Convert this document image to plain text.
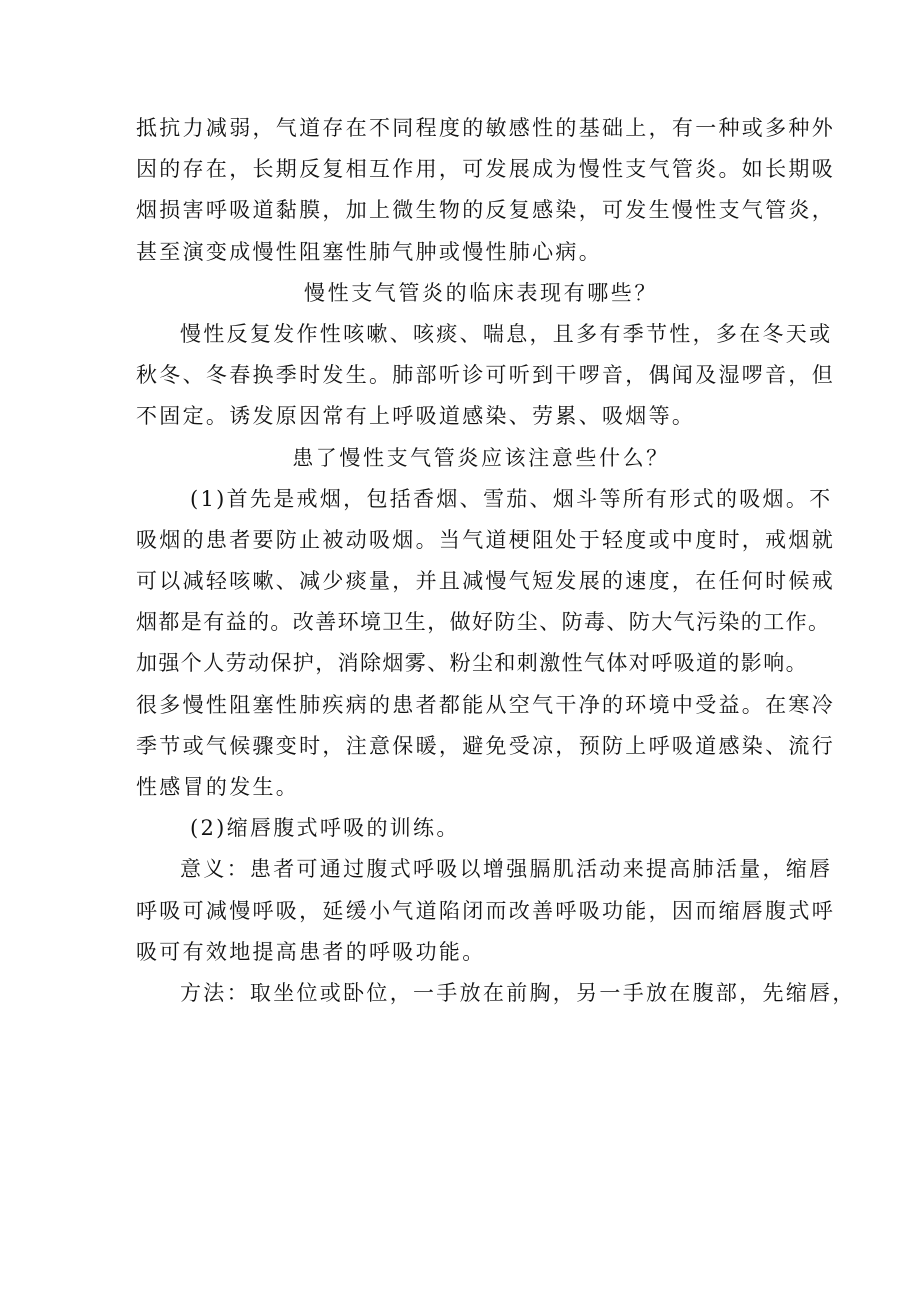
抵抗力减弱，气道存在不同程度的敏感性的基础上，有一种或多种外

因的存在，长期反复相互作用，可发展成为慢性支气管炎。如长期吸

烟损害呼吸道黏膜，加上微生物的反复感染，可发生慢性支气管炎，

甚至演变成慢性阻塞性肺气肿或慢性肺心病。

慢性支气管炎的临床表现有哪些？

慢性反复发作性咳嗽、咳痰、喘息，且多有季节性，多在冬天或

秋冬、冬春换季时发生。肺部听诊可听到干啰音，偶闻及湿啰音，但

不固定。诱发原因常有上呼吸道感染、劳累、吸烟等。

患了慢性支气管炎应该注意些什么？

(1)首先是戒烟，包括香烟、雪茄、烟斗等所有形式的吸烟。不

吸烟的患者要防止被动吸烟。当气道梗阻处于轻度或中度时，戒烟就

可以减轻咳嗽、减少痰量，并且减慢气短发展的速度，在任何时候戒

烟都是有益的。改善环境卫生，做好防尘、防毒、防大气污染的工作。

加强个人劳动保护，消除烟雾、粉尘和刺激性气体对呼吸道的影响。

很多慢性阻塞性肺疾病的患者都能从空气干净的环境中受益。在寒冷

季节或气候骤变时，注意保暖，避免受凉，预防上呼吸道感染、流行

性感冒的发生。

(2)缩唇腹式呼吸的训练。

意义：患者可通过腹式呼吸以增强膈肌活动来提高肺活量，缩唇

呼吸可减慢呼吸，延缓小气道陷闭而改善呼吸功能，因而缩唇腹式呼

吸可有效地提高患者的呼吸功能。

方法：取坐位或卧位，一手放在前胸，另一手放在腹部，先缩唇，
